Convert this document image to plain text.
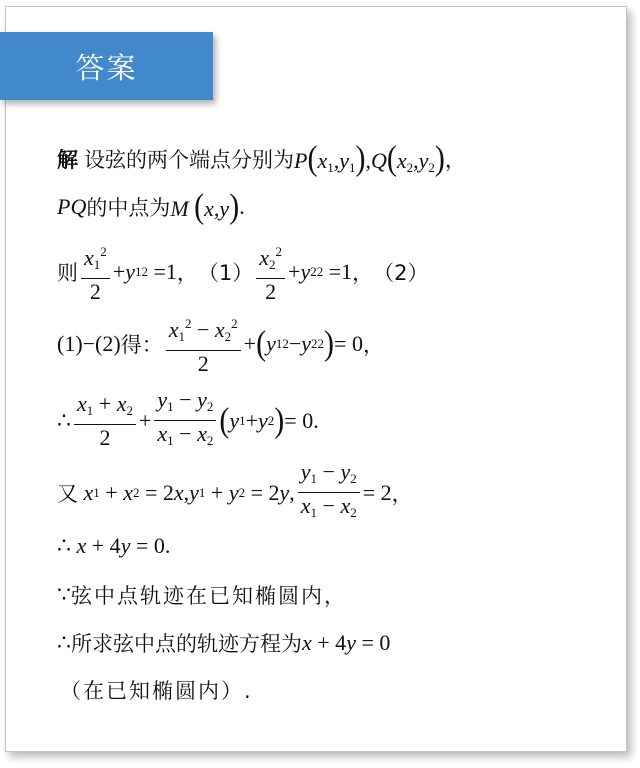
答案
解 设弦的两个端点分别为 $P(x_1,y_1),Q(x_2,y_2)$ ，
PQ 的中点为 M (x,y) .
则 $\frac{x_1^2}{2} + y$ 1 2 =1 ， $(1) \frac{x_2^2}{2} + y$ 2 2 =1 ， （2）
(1)−(2) 得： $\frac{x_1^2 - x_2^2}{2}$ + ( y 1 2 − y 2 2 ) = 0 ，
∴ $\frac{x_1 + x_2}{2} + \frac{y_1 - y_2}{x_1 - x_2}$ ( y 1 + y 2 ) = 0 .
又
x 1 + x 2 = 2 x , y 1 + y 2 = 2 y , $\frac{y_1 - y_2}{x_1 - x_2} = 2$ ，
∴ x + 4y = 0 .
∵ 弦中点轨迹在已知椭圆内，
∴ 所求弦中点的轨迹方程为 x + 4y = 0
（在已知椭圆内）.
